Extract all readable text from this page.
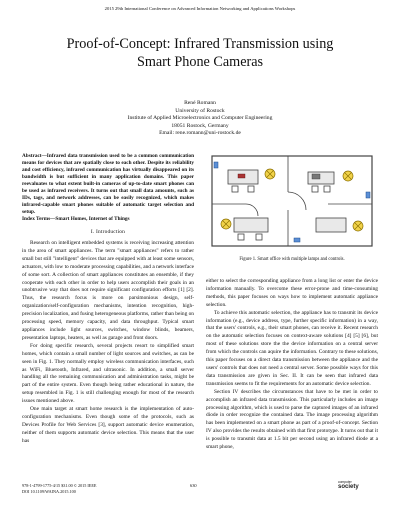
2015 29th International Conference on Advanced Information Networking and Applications Workshops
Proof-of-Concept: Infrared Transmission using
Smart Phone Cameras
René Romann
University of Rostock
Institute of Applied Microelectronics and Computer Engineering
18051 Rostock, Germany
Email: rene.romann@uni-rostock.de

Abstract—Infrared data transmission used to be a common communication means for devices that are spatially close to each other. Despite its reliability and cost efficiency, infrared communication has virtually disappeared on its bandwidth is but sufficient in many application domains. This paper reevaluates to what extent built-in cameras of up-to-date smart phones can be used as infrared receivers. It turns out that small data amounts, such as IDs, tags, and network addresses, can be easily recognized, which makes infrared-capable smart phones suitable of automatic target selection and setup.

Index Terms—Smart Homes, Internet of Things

I. Introduction

Research on intelligent embedded systems is receiving increasing attention in the area of smart appliances. The term "smart appliances" refers to rather small but still "intelligent" devices that are equipped with at least some sensors, actuators, with low to moderate processing capabilities, and a network interface of some sort. A collection of smart appliances constitutes an ensemble, if they cooperate with each other in order to help users accomplish their goals in an unobtrusive way that does not require significant configuration efforts [1] [2]. Thus, the research focus is more on parsimonious design, self-organization/self-configuration mechanisms, intention recognition, high-precision localization, and fusing heterogeneous platforms, rather than being on processing speed, memory capacity, and data throughput. Typical smart appliances include light sources, switches, window blinds, beamers, presentation laptops, heaters, as well as garage and front doors.

For doing specific research, several projects resort to simplified smart homes, which contain a small number of light sources and switches, as can be seen in Fig. 1. They normally employ wireless communication interfaces, such as WiFi, Bluetooth, Infrared, and ultrasonic. In addition, a small server handling all the remaining communication and administration tasks, might be part of the entire system. Even though being rather educational in nature, the setup resembled in Fig. 1 is still challenging enough for most of the research issues mentioned above.

One main target at smart home research is the implementation of auto-configuration mechanisms. Even though some of the protocols, such as Devices Profile for Web Services [3], support automatic device enumeration, neither of them supports automatic device selection. This means that the user has

Figure 1. Smart office with multiple lamps and controls.

either to select the corresponding appliance from a long list or enter the device information manually. To overcome these error-prone and time-consuming methods, this paper focuses on ways how to implement automatic appliance selection.

To achieve this automatic selection, the appliance has to transmit its device information (e.g., device address, type, further specific information) in a way, that the users' controls, e.g., their smart phones, can receive it. Recent research on the automatic selection focuses on context-aware solutions [4] [5] [6], but most of these solutions store the the device information on a central server from which the controls can aquire the information. Contrary to these solutions, this paper focuses on a direct data transmission between the appliance and the users' controls that does not need a central server. Some possible ways for this data transmission are given in Sec. II. It can be seen that infrared data transmission seems to fit the requirements for an automatic device selection.

Section IV describes the circumstances that have to be met in order to accomplish an infrared data transmission. This particularly includes an image processing algorithm, which is used to parse the captured images of an infrared diode in order recognize the contained data. The image processing algorithm has been implemented on a smart phone as part of a proof-of-concept. Section IV also provides the results obtained with that first prototype. It turns out that it is possible to transmit data at 1.5 bit per second using an infrared diode at a smart phone,

978-1-4799-1775-4/15 $31.00 © 2015 IEEE
DOI 10.1109/WAINA.2015.100
630
computer
society
